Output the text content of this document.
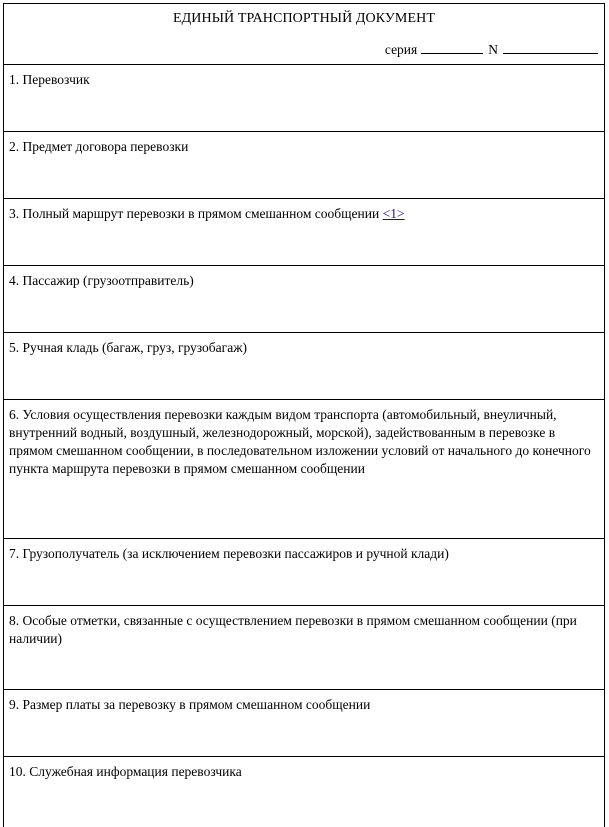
ЕДИНЫЙ ТРАНСПОРТНЫЙ ДОКУМЕНТ
серия	N
1. Перевозчик
2. Предмет договора перевозки
3. Полный маршрут перевозки в прямом смешанном сообщении <1>
4. Пассажир (грузоотправитель)
5. Ручная кладь (багаж, груз, грузобагаж)
6. Условия осуществления перевозки каждым видом транспорта (автомобильный, внеуличный, внутренний водный, воздушный, железнодорожный, морской), задействованным в перевозке в прямом смешанном сообщении, в последовательном изложении условий от начального до конечного пункта маршрута перевозки в прямом смешанном сообщении
7. Грузополучатель (за исключением перевозки пассажиров и ручной клади)
8. Особые отметки, связанные с осуществлением перевозки в прямом смешанном сообщении (при наличии)
9. Размер платы за перевозку в прямом смешанном сообщении
10. Служебная информация перевозчика
